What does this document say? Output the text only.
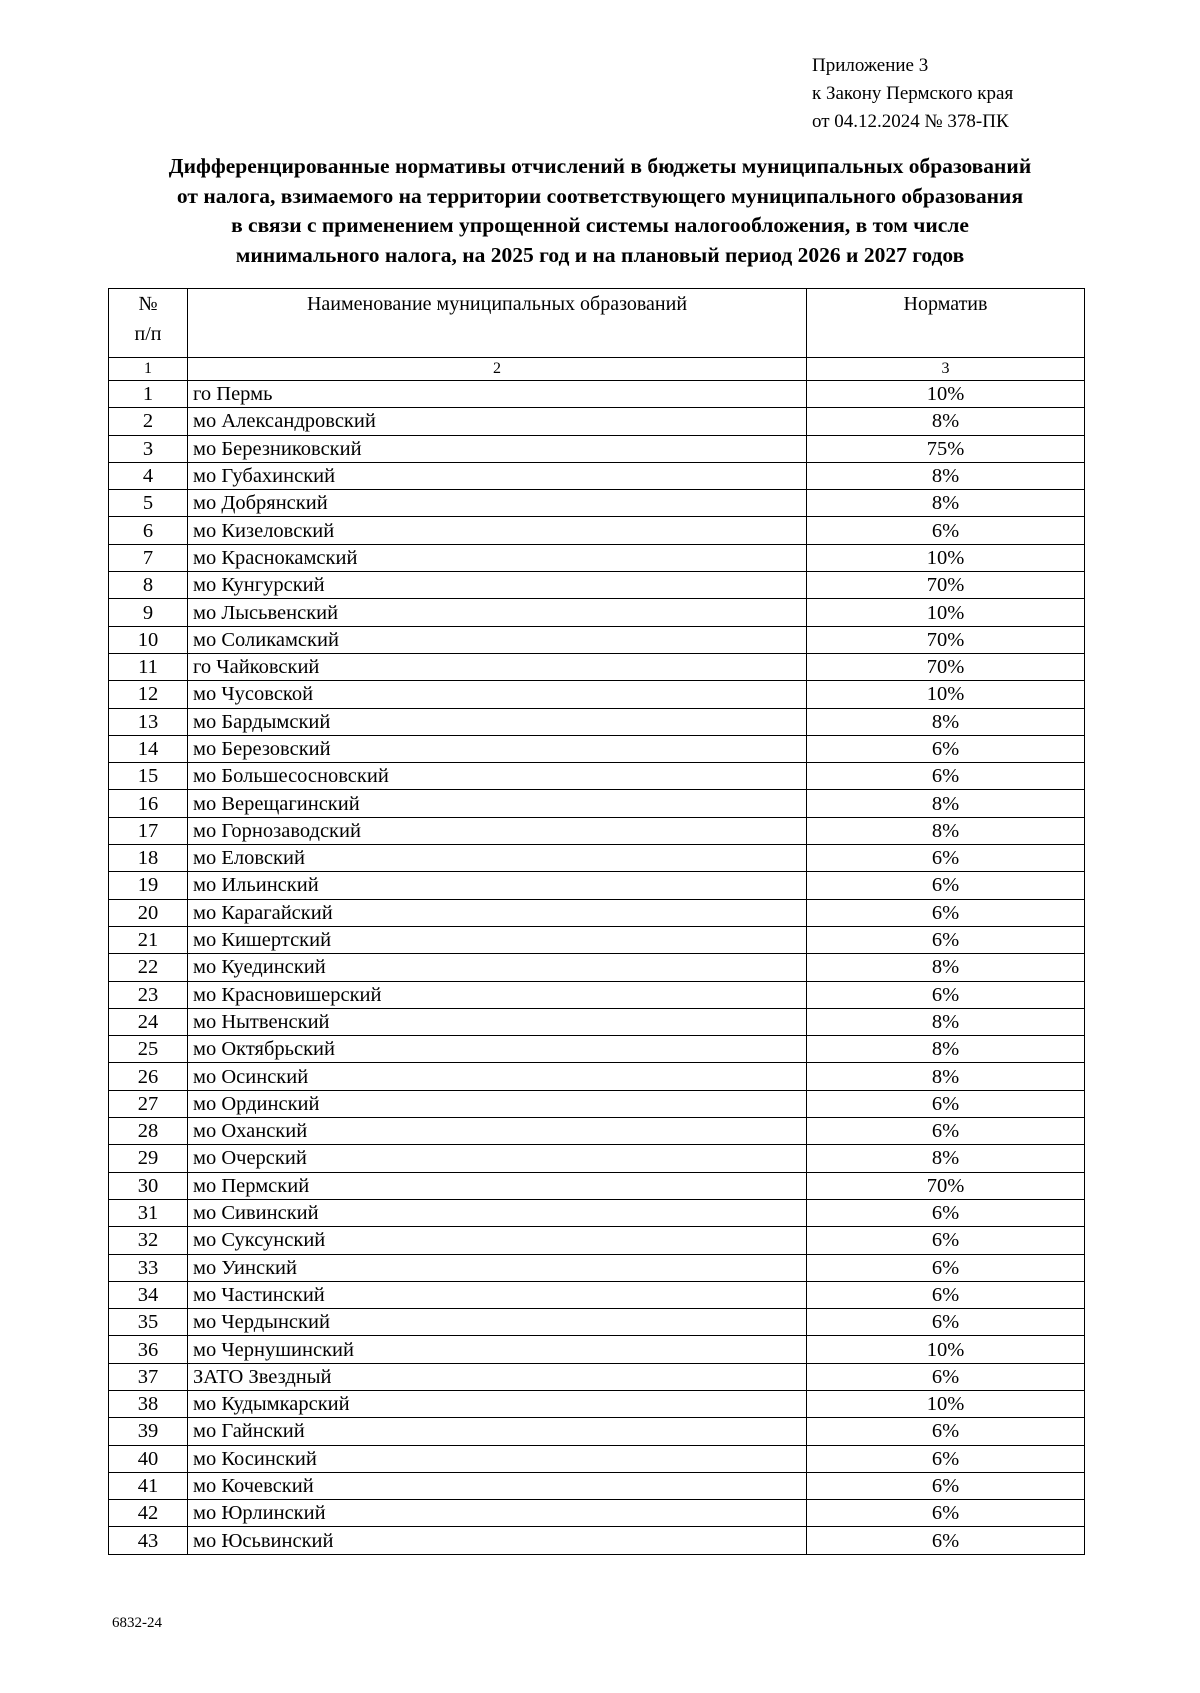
Приложение 3
к Закону Пермского края
от 04.12.2024 № 378-ПК
Дифференцированные нормативы отчислений в бюджеты муниципальных образований
от налога, взимаемого на территории соответствующего муниципального образования
в связи с применением упрощенной системы налогообложения, в том числе
минимального налога, на 2025 год и на плановый период 2026 и 2027 годов
№
п/п	Наименование муниципальных образований	Норматив
1	2	3
1	го Пермь	10%
2	мо Александровский	8%
3	мо Березниковский	75%
4	мо Губахинский	8%
5	мо Добрянский	8%
6	мо Кизеловский	6%
7	мо Краснокамский	10%
8	мо Кунгурский	70%
9	мо Лысьвенский	10%
10	мо Соликамский	70%
11	го Чайковский	70%
12	мо Чусовской	10%
13	мо Бардымский	8%
14	мо Березовский	6%
15	мо Большесосновский	6%
16	мо Верещагинский	8%
17	мо Горнозаводский	8%
18	мо Еловский	6%
19	мо Ильинский	6%
20	мо Карагайский	6%
21	мо Кишертский	6%
22	мо Куединский	8%
23	мо Красновишерский	6%
24	мо Нытвенский	8%
25	мо Октябрьский	8%
26	мо Осинский	8%
27	мо Ординский	6%
28	мо Оханский	6%
29	мо Очерский	8%
30	мо Пермский	70%
31	мо Сивинский	6%
32	мо Суксунский	6%
33	мо Уинский	6%
34	мо Частинский	6%
35	мо Чердынский	6%
36	мо Чернушинский	10%
37	ЗАТО Звездный	6%
38	мо Кудымкарский	10%
39	мо Гайнский	6%
40	мо Косинский	6%
41	мо Кочевский	6%
42	мо Юрлинский	6%
43	мо Юсьвинский	6%
6832-24
